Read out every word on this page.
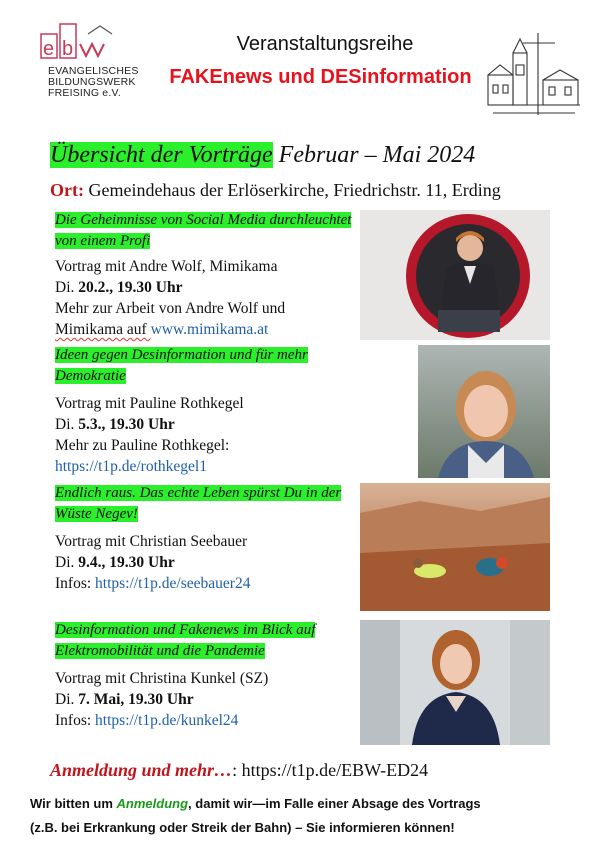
e b
EVANGELISCHES
BILDUNGSWERK
FREISING e.V.
Veranstaltungsreihe
FAKEnews und DESinformation
Übersicht der Vorträge Februar – Mai 2024
Ort: Gemeindehaus der Erlöserkirche, Friedrichstr. 11, Erding
Die Geheimnisse von Social Media durchleuchtet von einem Profi
Vortrag mit Andre Wolf, Mimikama
Di. 20.2., 19.30 Uhr
Mehr zur Arbeit von Andre Wolf und
Mimikama auf www.mimikama.at
Ideen gegen Desinformation und für mehr Demokratie
Vortrag mit Pauline Rothkegel
Di. 5.3., 19.30 Uhr
Mehr zu Pauline Rothkegel:
https://t1p.de/rothkegel1
Endlich raus. Das echte Leben spürst Du in der Wüste Negev!
Vortrag mit Christian Seebauer
Di. 9.4., 19.30 Uhr
Infos: https://t1p.de/seebauer24
Desinformation und Fakenews im Blick auf Elektromobilität und die Pandemie
Vortrag mit Christina Kunkel (SZ)
Di. 7. Mai, 19.30 Uhr
Infos: https://t1p.de/kunkel24
Anmeldung und mehr…: https://t1p.de/EBW-ED24
Wir bitten um Anmeldung, damit wir—im Falle einer Absage des Vortrags
(z.B. bei Erkrankung oder Streik der Bahn) – Sie informieren können!
